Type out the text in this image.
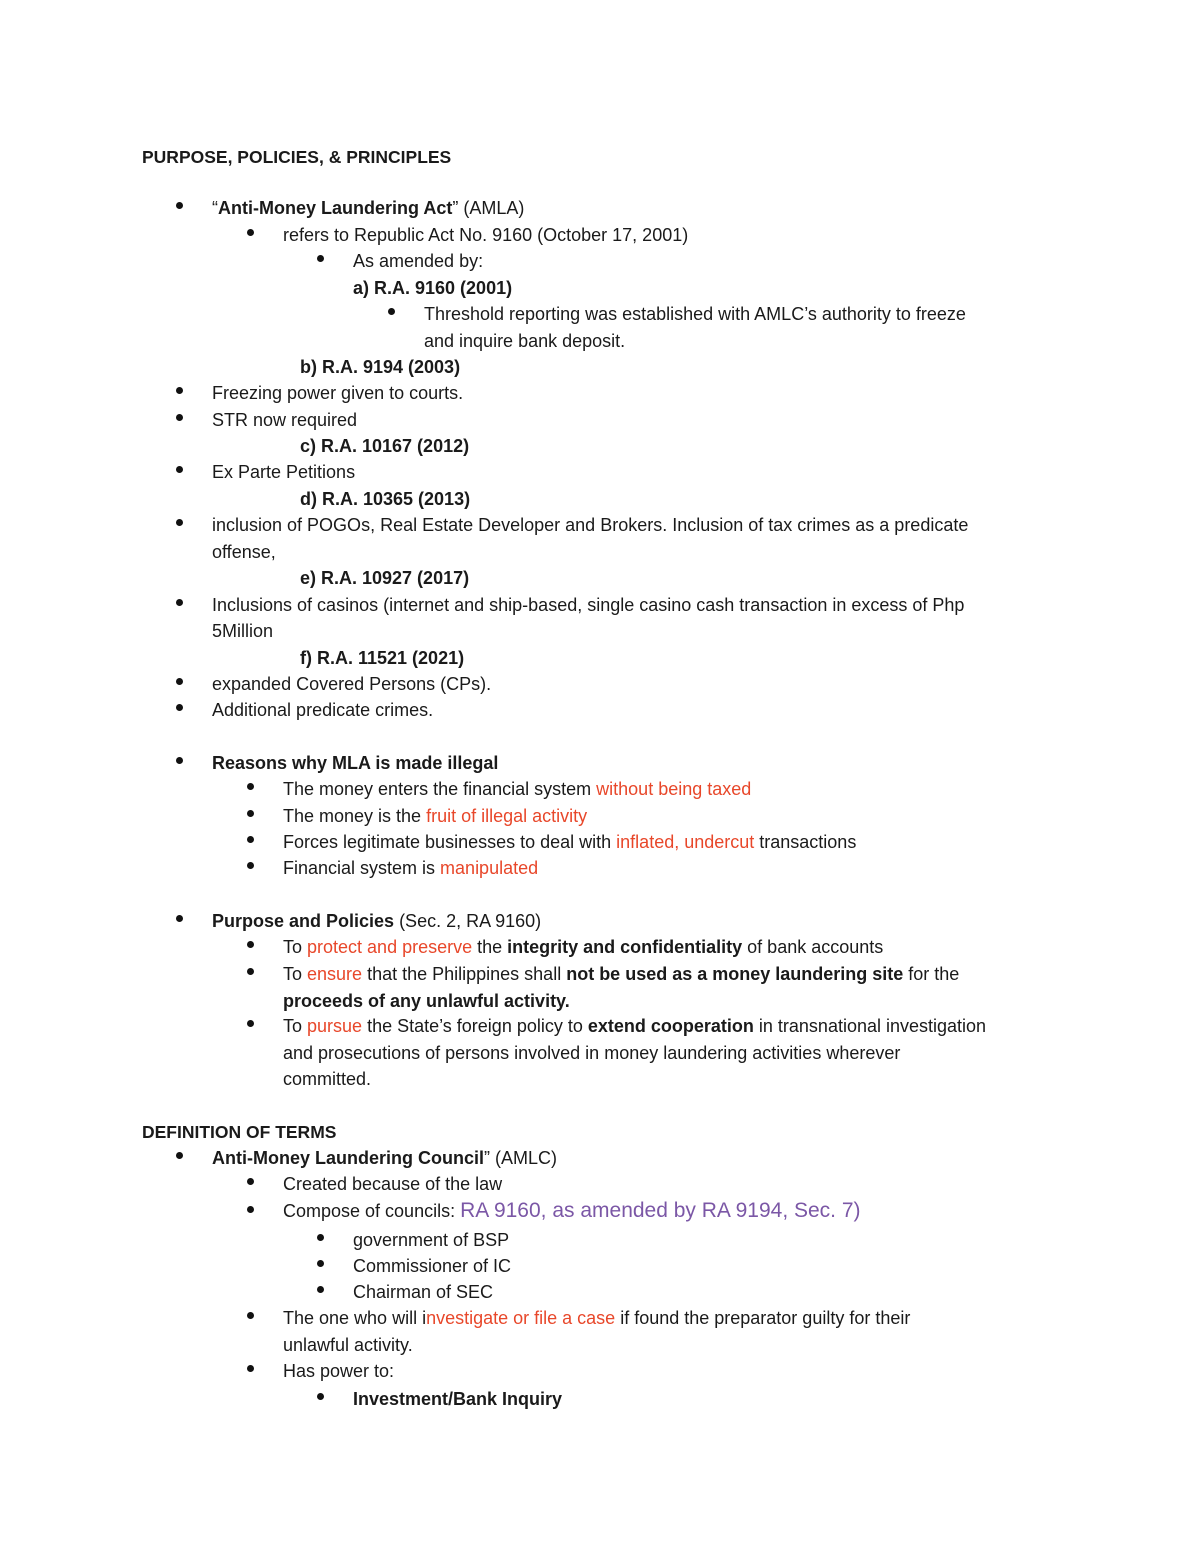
PURPOSE, POLICIES, & PRINCIPLES
“Anti-Money Laundering Act” (AMLA)
refers to Republic Act No. 9160 (October 17, 2001)
As amended by:
a) R.A. 9160 (2001)
Threshold reporting was established with AMLC’s authority to freeze
and inquire bank deposit.
b) R.A. 9194 (2003)
Freezing power given to courts.
STR now required
c) R.A. 10167 (2012)
Ex Parte Petitions
d) R.A. 10365 (2013)
inclusion of POGOs, Real Estate Developer and Brokers. Inclusion of tax crimes as a predicate
offense,
e) R.A. 10927 (2017)
Inclusions of casinos (internet and ship-based, single casino cash transaction in excess of Php
5Million
f) R.A. 11521 (2021)
expanded Covered Persons (CPs).
Additional predicate crimes.
Reasons why MLA is made illegal
The money enters the financial system without being taxed
The money is the fruit of illegal activity
Forces legitimate businesses to deal with inflated, undercut transactions
Financial system is manipulated
Purpose and Policies (Sec. 2, RA 9160)
To protect and preserve the integrity and confidentiality of bank accounts
To ensure that the Philippines shall not be used as a money laundering site for the
proceeds of any unlawful activity.
To pursue the State’s foreign policy to extend cooperation in transnational investigation
and prosecutions of persons involved in money laundering activities wherever
committed.
DEFINITION OF TERMS
Anti-Money Laundering Council” (AMLC)
Created because of the law
Compose of councils: RA 9160, as amended by RA 9194, Sec. 7)
government of BSP
Commissioner of IC
Chairman of SEC
The one who will investigate or file a case if found the preparator guilty for their
unlawful activity.
Has power to:
Investment/Bank Inquiry
